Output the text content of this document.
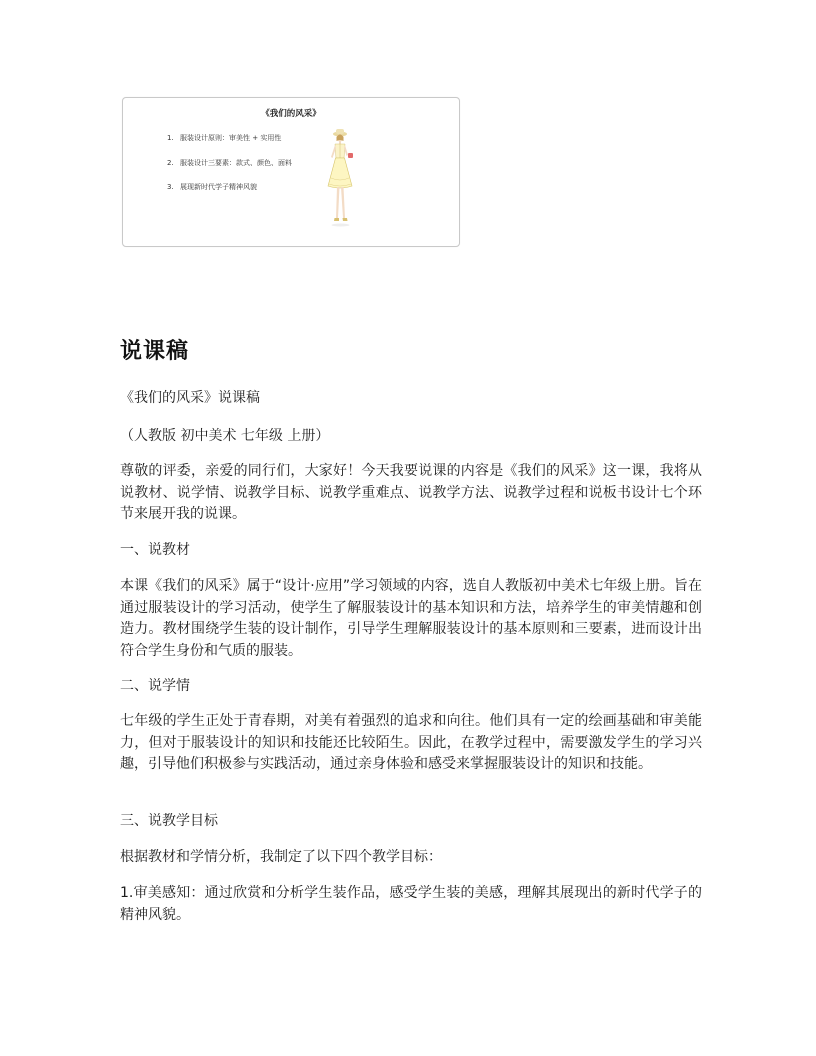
《我们的风采》
1. 服装设计原则：审美性 + 实用性
2. 服装设计三要素：款式、颜色、面料
3. 展现新时代学子精神风貌
说课稿

《我们的风采》说课稿

（人教版 初中美术 七年级 上册）

尊敬的评委，亲爱的同行们，大家好！今天我要说课的内容是《我们的风采》这一课，我将从说教材、说学情、说教学目标、说教学重难点、说教学方法、说教学过程和说板书设计七个环节来展开我的说课。

一、说教材

本课《我们的风采》属于“设计·应用”学习领域的内容，选自人教版初中美术七年级上册。旨在通过服装设计的学习活动，使学生了解服装设计的基本知识和方法，培养学生的审美情趣和创造力。教材围绕学生装的设计制作，引导学生理解服装设计的基本原则和三要素，进而设计出符合学生身份和气质的服装。

二、说学情

七年级的学生正处于青春期，对美有着强烈的追求和向往。他们具有一定的绘画基础和审美能力，但对于服装设计的知识和技能还比较陌生。因此，在教学过程中，需要激发学生的学习兴趣，引导他们积极参与实践活动，通过亲身体验和感受来掌握服装设计的知识和技能。

三、说教学目标

根据教材和学情分析，我制定了以下四个教学目标：

1.审美感知：通过欣赏和分析学生装作品，感受学生装的美感，理解其展现出的新时代学子的精神风貌。
